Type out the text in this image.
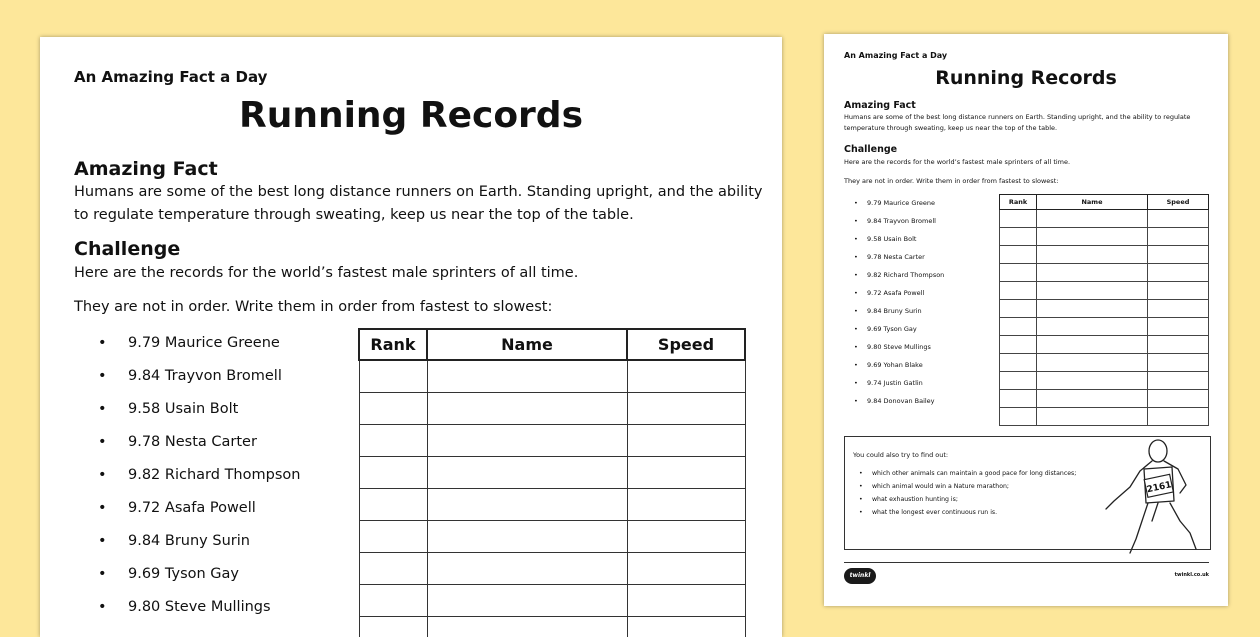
An Amazing Fact a Day
Running Records
Amazing Fact
Humans are some of the best long distance runners on Earth. Standing upright, and the ability to regulate temperature through sweating, keep us near the top of the table.
Challenge
Here are the records for the world’s fastest male sprinters of all time.
They are not in order. Write them in order from fastest to slowest:
• 9.79 Maurice Greene
• 9.84 Trayvon Bromell
• 9.58 Usain Bolt
• 9.78 Nesta Carter
• 9.82 Richard Thompson
• 9.72 Asafa Powell
• 9.84 Bruny Surin
• 9.69 Tyson Gay
• 9.80 Steve Mullings
Rank	Name	Speed

An Amazing Fact a Day
Running Records
Amazing Fact
Humans are some of the best long distance runners on Earth. Standing upright, and the ability to regulate temperature through sweating, keep us near the top of the table.
Challenge
Here are the records for the world’s fastest male sprinters of all time.
They are not in order. Write them in order from fastest to slowest:
• 9.79 Maurice Greene
• 9.84 Trayvon Bromell
• 9.58 Usain Bolt
• 9.78 Nesta Carter
• 9.82 Richard Thompson
• 9.72 Asafa Powell
• 9.84 Bruny Surin
• 9.69 Tyson Gay
• 9.80 Steve Mullings
• 9.69 Yohan Blake
• 9.74 Justin Gatlin
• 9.84 Donovan Bailey
Rank	Name	Speed

You could also try to find out:
• which other animals can maintain a good pace for long distances;
• which animal would win a Nature marathon;
• what exhaustion hunting is;
• what the longest ever continuous run is.
2161
twinkl	twinkl.co.uk
